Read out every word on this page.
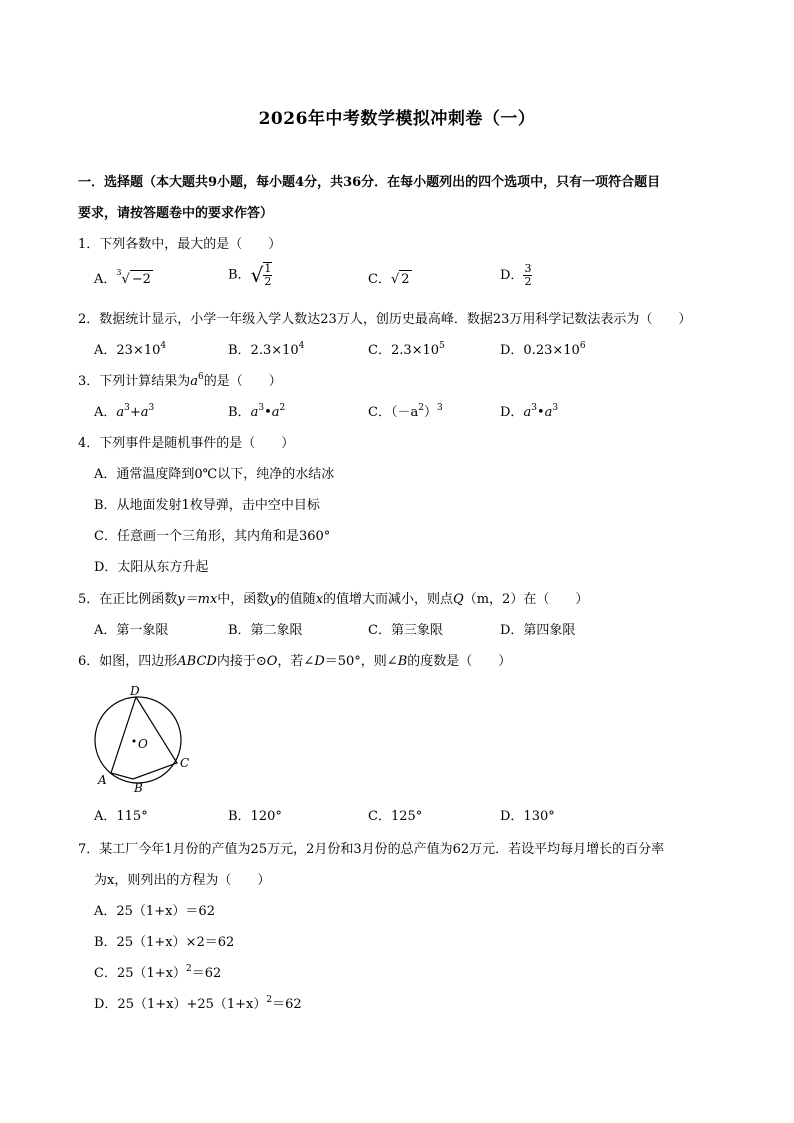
2026年中考数学模拟冲刺卷（一）
一．选择题（本大题共9小题，每小题4分，共36分．在每小题列出的四个选项中，只有一项符合题目
要求，请按答题卷中的要求作答）
1．下列各数中，最大的是（　　）
A．$^3$√ −2	B．√ $\frac{1}{2}$	C．√ 2	D． $\frac{3}{2}$
2．数据统计显示，小学一年级入学人数达23万人，创历史最高峰．数据23万用科学记数法表示为（　　）
A．$23\times 10^4$	B．$2.3\times 10^4$	C．$2.3\times 10^5$	D．$0.23\times 10^6$
3．下列计算结果为$a^6$的是（　　）
A．$a^3+a^3$	B．$a^3•a^2$	C．$(-a^2)^3$	D．$a^3•a^3$
4．下列事件是随机事件的是（　　）
A．通常温度降到0℃以下，纯净的水结冰
B．从地面发射1枚导弹，击中空中目标
C．任意画一个三角形，其内角和是360°
D．太阳从东方升起
5．在正比例函数y＝mx中，函数y的值随x的值增大而减小，则点Q（m，2）在（　　）
A．第一象限	B．第二象限	C．第三象限	D．第四象限
6．如图，四边形ABCD内接于⊙O，若∠D＝50°，则∠B的度数是（　　）
D
O
A
B
C
A．115°	B．120°	C．125°	D．130°
7．某工厂今年1月份的产值为25万元，2月份和3月份的总产值为62万元．若设平均每月增长的百分率
为x，则列出的方程为（　　）
A．25（1+x）＝62
B．25（1+x）×2＝62
C．$25(1+x)^2=62$
D．$25(1+x)+25(1+x)^2=62$
